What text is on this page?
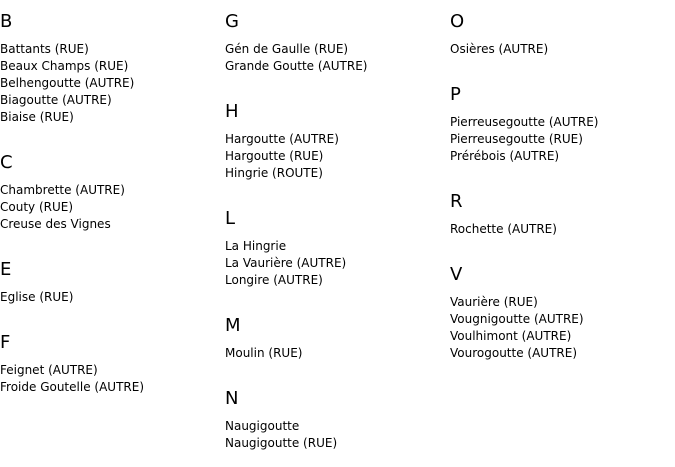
B
Battants (RUE)
Beaux Champs (RUE)
Belhengoutte (AUTRE)
Biagoutte (AUTRE)
Biaise (RUE)
C
Chambrette (AUTRE)
Couty (RUE)
Creuse des Vignes
E
Eglise (RUE)
F
Feignet (AUTRE)
Froide Goutelle (AUTRE)
G
Gén de Gaulle (RUE)
Grande Goutte (AUTRE)
H
Hargoutte (AUTRE)
Hargoutte (RUE)
Hingrie (ROUTE)
L
La Hingrie
La Vaurière (AUTRE)
Longire (AUTRE)
M
Moulin (RUE)
N
Naugigoutte
Naugigoutte (RUE)
O
Osières (AUTRE)
P
Pierreusegoutte (AUTRE)
Pierreusegoutte (RUE)
Prérébois (AUTRE)
R
Rochette (AUTRE)
V
Vaurière (RUE)
Vougnigoutte (AUTRE)
Voulhimont (AUTRE)
Vourogoutte (AUTRE)
